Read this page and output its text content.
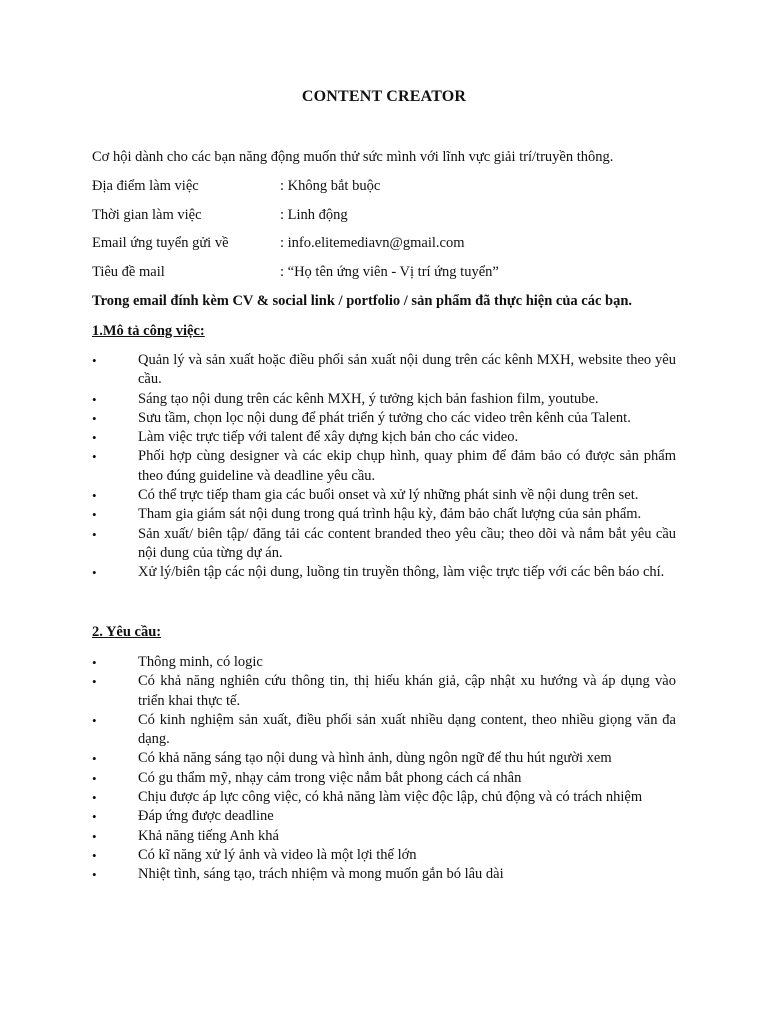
CONTENT CREATOR
Cơ hội dành cho các bạn năng động muốn thử sức mình với lĩnh vực giải trí/truyền thông.
Địa điểm làm việc	: Không bắt buộc
Thời gian làm việc	: Linh động
Email ứng tuyển gửi về	: info.elitemediavn@gmail.com
Tiêu đề mail	: “Họ tên ứng viên - Vị trí ứng tuyển”
Trong email đính kèm CV & social link / portfolio / sản phẩm đã thực hiện của các bạn.
1.Mô tả công việc:
•	Quản lý và sản xuất hoặc điều phối sản xuất nội dung trên các kênh MXH, website theo yêu cầu.
•	Sáng tạo nội dung trên các kênh MXH, ý tưởng kịch bản fashion film, youtube.
•	Sưu tầm, chọn lọc nội dung để phát triển ý tưởng cho các video trên kênh của Talent.
•	Làm việc trực tiếp với talent để xây dựng kịch bản cho các video.
•	Phối hợp cùng designer và các ekip chụp hình, quay phim để đảm bảo có được sản phẩm theo đúng guideline và deadline yêu cầu.
•	Có thể trực tiếp tham gia các buổi onset và xử lý những phát sinh về nội dung trên set.
•	Tham gia giám sát nội dung trong quá trình hậu kỳ, đảm bảo chất lượng của sản phẩm.
•	Sản xuất/ biên tập/ đăng tải các content branded theo yêu cầu; theo dõi và nắm bắt yêu cầu nội dung của từng dự án.
•	Xử lý/biên tập các nội dung, luồng tin truyền thông, làm việc trực tiếp với các bên báo chí.
2. Yêu cầu:
•	Thông minh, có logic
•	Có khả năng nghiên cứu thông tin, thị hiếu khán giả, cập nhật xu hướng và áp dụng vào triển khai thực tế.
•	Có kinh nghiệm sản xuất, điều phối sản xuất nhiều dạng content, theo nhiều giọng văn đa dạng.
•	Có khả năng sáng tạo nội dung và hình ảnh, dùng ngôn ngữ để thu hút người xem
•	Có gu thẩm mỹ, nhạy cảm trong việc nắm bắt phong cách cá nhân
•	Chịu được áp lực công việc, có khả năng làm việc độc lập, chủ động và có trách nhiệm
•	Đáp ứng được deadline
•	Khả năng tiếng Anh khá
•	Có kĩ năng xử lý ảnh và video là một lợi thế lớn
•	Nhiệt tình, sáng tạo, trách nhiệm và mong muốn gắn bó lâu dài
